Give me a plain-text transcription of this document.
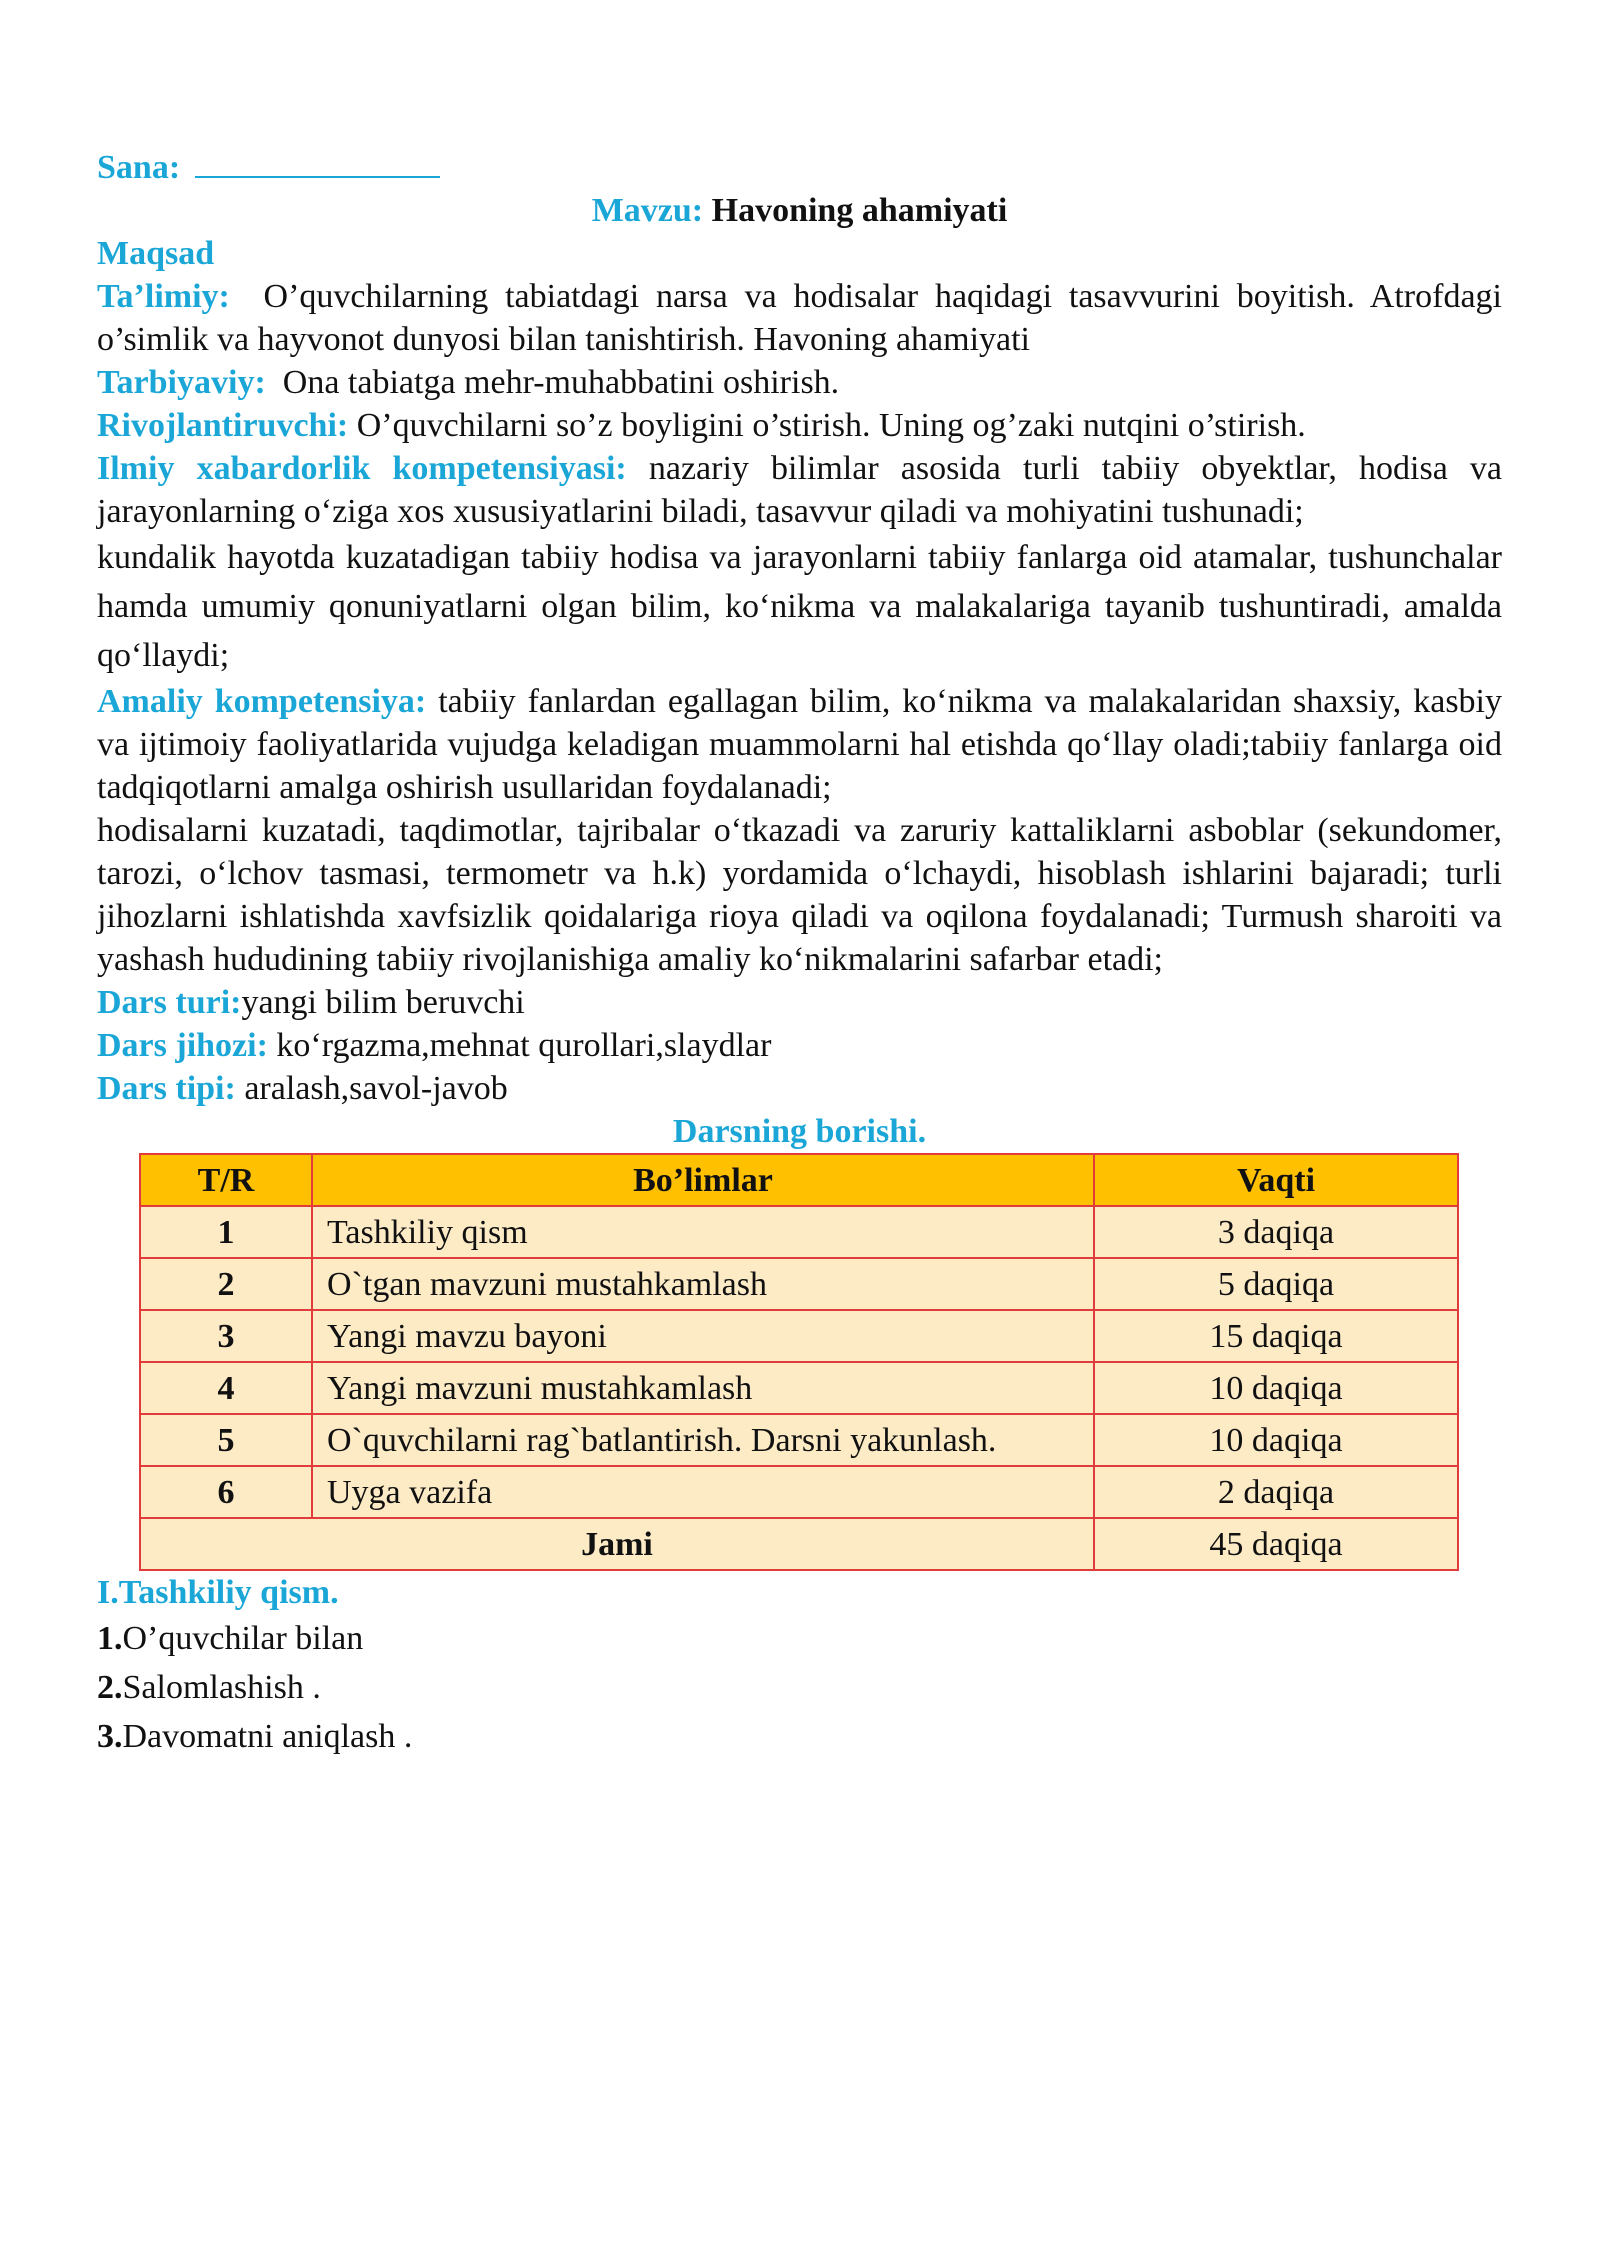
Sana:

Mavzu: Havoning ahamiyati

Maqsad

Ta’limiy: O’quvchilarning tabiatdagi narsa va hodisalar haqidagi tasavvurini boyitish. Atrofdagi o’simlik va hayvonot dunyosi bilan tanishtirish. Havoning ahamiyati

Tarbiyaviy: Ona tabiatga mehr-muhabbatini oshirish.

Rivojlantiruvchi: O’quvchilarni so’z boyligini o’stirish. Uning og’zaki nutqini o’stirish.

Ilmiy xabardorlik kompetensiyasi: nazariy bilimlar asosida turli tabiiy obyektlar, hodisa va jarayonlarning o‘ziga xos xususiyatlarini biladi, tasavvur qiladi va mohiyatini tushunadi;

kundalik hayotda kuzatadigan tabiiy hodisa va jarayonlarni tabiiy fanlarga oid atamalar, tushunchalar hamda umumiy qonuniyatlarni olgan bilim, ko‘nikma va malakalariga tayanib tushuntiradi, amalda qo‘llaydi;

Amaliy kompetensiya: tabiiy fanlardan egallagan bilim, ko‘nikma va malakalaridan shaxsiy, kasbiy va ijtimoiy faoliyatlarida vujudga keladigan muammolarni hal etishda qo‘llay oladi;tabiiy fanlarga oid tadqiqotlarni amalga oshirish usullaridan foydalanadi;

hodisalarni kuzatadi, taqdimotlar, tajribalar o‘tkazadi va zaruriy kattaliklarni asboblar (sekundomer, tarozi, o‘lchov tasmasi, termometr va h.k) yordamida o‘lchaydi, hisoblash ishlarini bajaradi; turli jihozlarni ishlatishda xavfsizlik qoidalariga rioya qiladi va oqilona foydalanadi; Turmush sharoiti va yashash hududining tabiiy rivojlanishiga amaliy ko‘nikmalarini safarbar etadi;

Dars turi:yangi bilim beruvchi

Dars jihozi: ko‘rgazma,mehnat qurollari,slaydlar

Dars tipi: aralash,savol-javob

Darsning borishi.

T/R	Bo’limlar	Vaqti
1	Tashkiliy qism	3 daqiqa
2	O`tgan mavzuni mustahkamlash	5 daqiqa
3	Yangi mavzu bayoni	15 daqiqa
4	Yangi mavzuni mustahkamlash	10 daqiqa
5	O`quvchilarni rag`batlantirish. Darsni yakunlash.	10 daqiqa
6	Uyga vazifa	2 daqiqa
Jami		45 daqiqa

I.Tashkiliy qism.

1.O’quvchilar bilan

2.Salomlashish .

3.Davomatni aniqlash .
